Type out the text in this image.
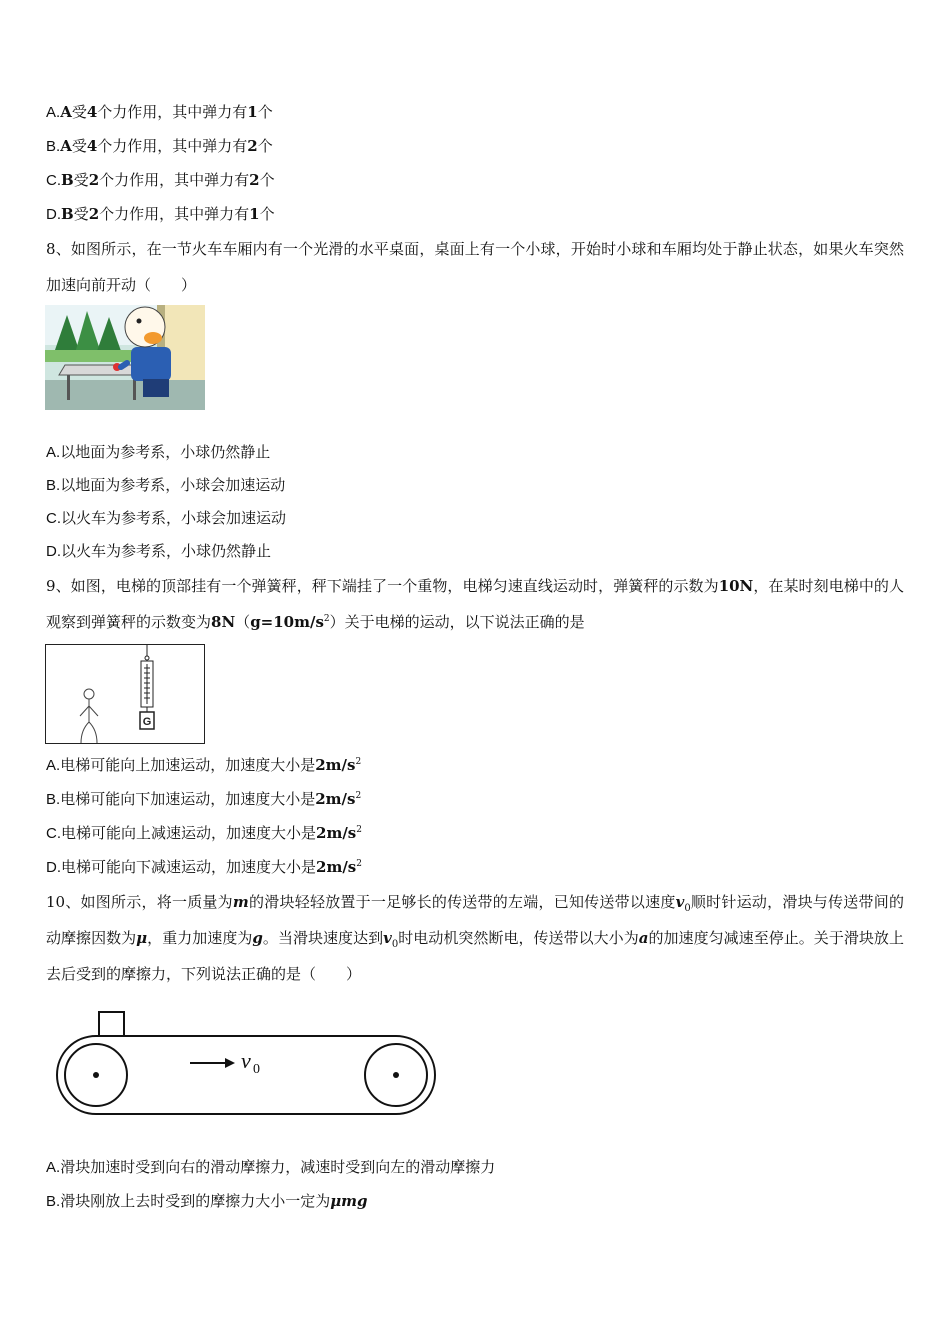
A.A受4个力作用，其中弹力有1个
B.A受4个力作用，其中弹力有2个
C.B受2个力作用，其中弹力有2个
D.B受2个力作用，其中弹力有1个
8、如图所示，在一节火车车厢内有一个光滑的水平桌面，桌面上有一个小球，开始时小球和车厢均处于静止状态，如果火车突然加速向前开动（　　）
A.以地面为参考系，小球仍然静止
B.以地面为参考系，小球会加速运动
C.以火车为参考系，小球会加速运动
D.以火车为参考系，小球仍然静止
9、如图，电梯的顶部挂有一个弹簧秤，秤下端挂了一个重物，电梯匀速直线运动时，弹簧秤的示数为10N，在某时刻电梯中的人观察到弹簧秤的示数变为$8N(g=10m/s^2)$关于电梯的运动，以下说法正确的是
G
A.电梯可能向上加速运动，加速度大小是$2m/s^2$
B.电梯可能向下加速运动，加速度大小是$2m/s^2$
C.电梯可能向上减速运动，加速度大小是$2m/s^2$
D.电梯可能向下减速运动，加速度大小是$2m/s^2$
10、如图所示，将一质量为m的滑块轻轻放置于一足够长的传送带的左端，已知传送带以速度$v_0$顺时针运动，滑块与传送带间的动摩擦因数为μ，重力加速度为g。当滑块速度达到$v_0$时电动机突然断电，传送带以大小为a的加速度匀减速至停止。关于滑块放上去后受到的摩擦力，下列说法正确的是（　　）
v 0
A.滑块加速时受到向右的滑动摩擦力，减速时受到向左的滑动摩擦力
B.滑块刚放上去时受到的摩擦力大小一定为μmg
